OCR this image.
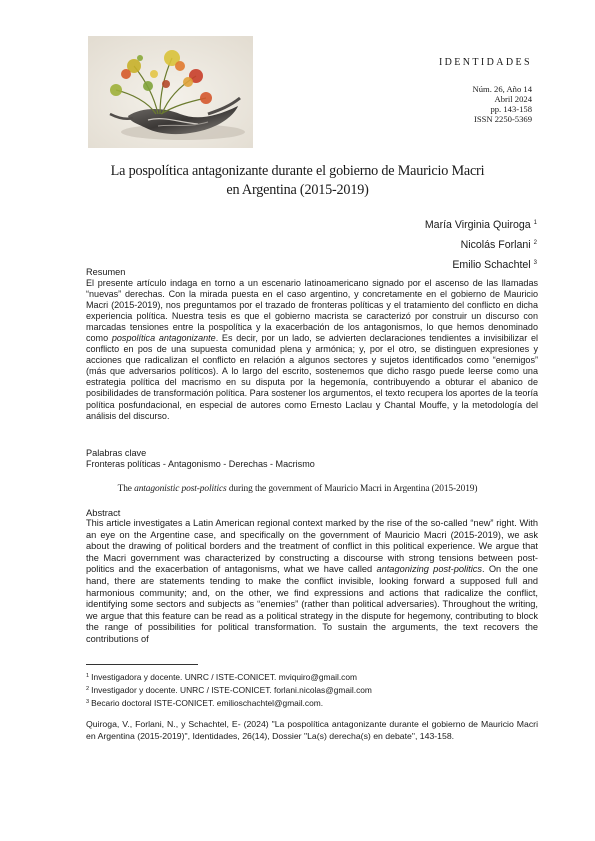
IDENTIDADES
Núm. 26, Año 14
Abril 2024
pp. 143-158
ISSN 2250-5369
La pospolítica antagonizante durante el gobierno de Mauricio Macri
en Argentina (2015-2019)
María Virginia Quiroga $^1$
Nicolás Forlani $^2$
Emilio Schachtel $^3$
Resumen
El presente artículo indaga en torno a un escenario latinoamericano signado por el ascenso de las llamadas “nuevas” derechas. Con la mirada puesta en el caso argentino, y concretamente en el gobierno de Mauricio Macri (2015-2019), nos preguntamos por el trazado de fronteras políticas y el tratamiento del conflicto en dicha experiencia política. Nuestra tesis es que el gobierno macrista se caracterizó por construir un discurso con marcadas tensiones entre la pospolítica y la exacerbación de los antagonismos, lo que hemos denominado como pospolítica antagonizante. Es decir, por un lado, se advierten declaraciones tendientes a invisibilizar el conflicto en pos de una supuesta comunidad plena y armónica; y, por el otro, se distinguen expresiones y acciones que radicalizan el conflicto en relación a algunos sectores y sujetos identificados como “enemigos” (más que adversarios políticos). A lo largo del escrito, sostenemos que dicho rasgo puede leerse como una estrategia política del macrismo en su disputa por la hegemonía, contribuyendo a obturar el abanico de posibilidades de transformación política. Para sostener los argumentos, el texto recupera los aportes de la teoría política posfundacional, en especial de autores como Ernesto Laclau y Chantal Mouffe, y la metodología del análisis del discurso.
Palabras clave
Fronteras políticas - Antagonismo - Derechas - Macrismo
The antagonistic post-politics during the government of Mauricio Macri in Argentina (2015-2019)
Abstract
This article investigates a Latin American regional context marked by the rise of the so-called “new” right. With an eye on the Argentine case, and specifically on the government of Mauricio Macri (2015-2019), we ask about the drawing of political borders and the treatment of conflict in this political experience. We argue that the Macri government was characterized by constructing a discourse with strong tensions between post-politics and the exacerbation of antagonisms, what we have called antagonizing post-politics. On the one hand, there are statements tending to make the conflict invisible, looking forward a supposed full and harmonious community; and, on the other, we find expressions and actions that radicalize the conflict, identifying some sectors and subjects as “enemies” (rather than political adversaries). Throughout the writing, we argue that this feature can be read as a political strategy in the dispute for hegemony, contributing to block the range of possibilities for political transformation. To sustain the arguments, the text recovers the contributions of
$^1$ Investigadora y docente. UNRC / ISTE-CONICET. mviquiro@gmail.com
$^2$ Investigador y docente. UNRC / ISTE-CONICET. forlani.nicolas@gmail.com
$^3$ Becario doctoral ISTE-CONICET. emilioschachtel@gmail.com.
Quiroga, V., Forlani, N., y Schachtel, E- (2024) "La pospolítica antagonizante durante el gobierno de Mauricio Macri en Argentina (2015-2019)", Identidades, 26(14), Dossier "La(s) derecha(s) en debate", 143-158.
